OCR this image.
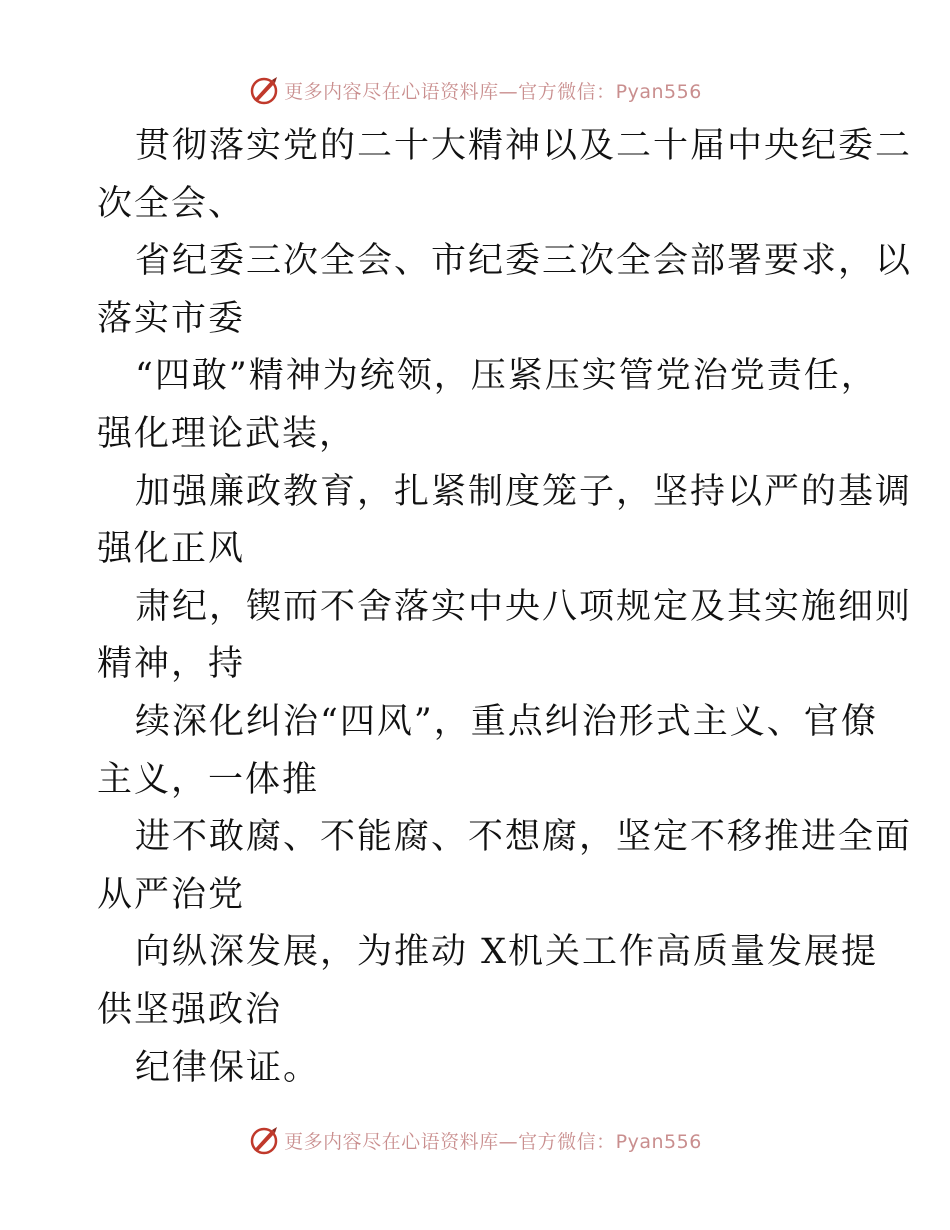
更多内容尽在心语资料库—官方微信：Pyan556
贯彻落实党的二十大精神以及二十届中央纪委二
次全会、
省纪委三次全会、市纪委三次全会部署要求，以
落实市委
“四敢”精神为统领，压紧压实管党治党责任，
强化理论武装，
加强廉政教育，扎紧制度笼子，坚持以严的基调
强化正风
肃纪，锲而不舍落实中央八项规定及其实施细则
精神，持
续深化纠治“四风”，重点纠治形式主义、官僚
主义，一体推
进不敢腐、不能腐、不想腐，坚定不移推进全面
从严治党
向纵深发展，为推动 X机关工作高质量发展提
供坚强政治
纪律保证。
更多内容尽在心语资料库—官方微信：Pyan556
